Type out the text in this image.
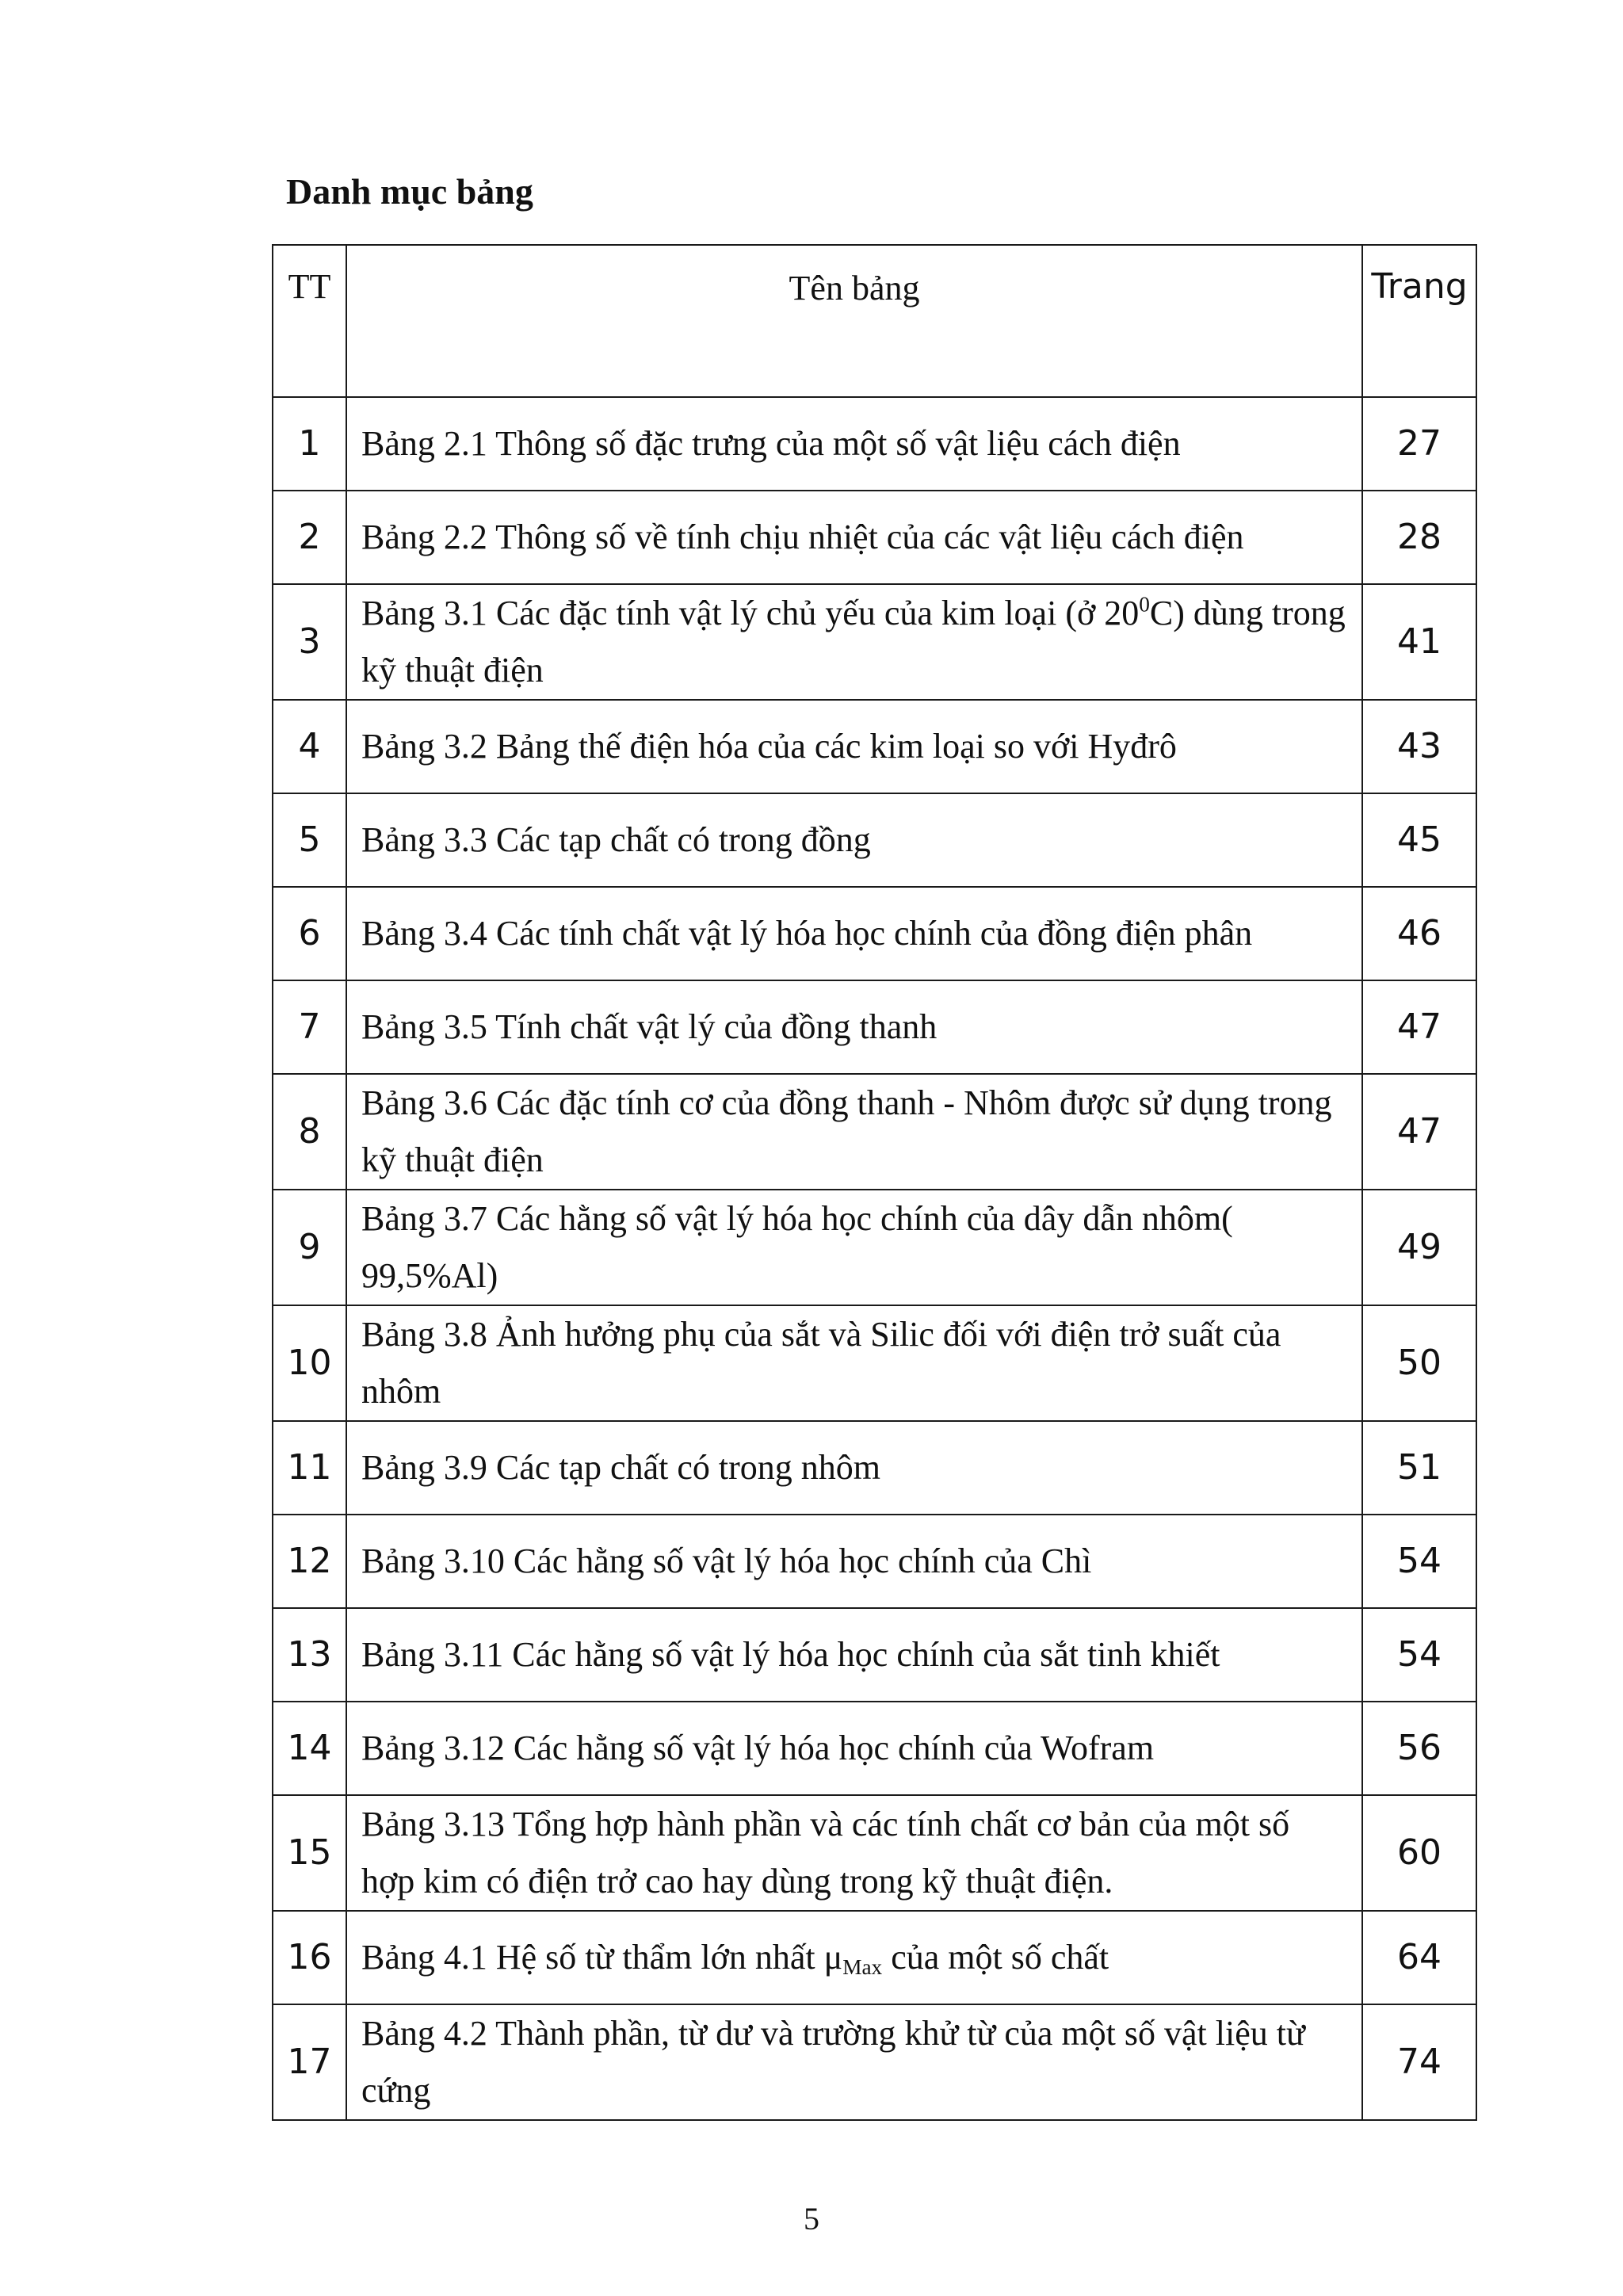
Danh mục bảng
TT	Tên bảng	Trang
1	Bảng 2.1 Thông số đặc trưng của một số vật liệu cách điện	27
2	Bảng 2.2 Thông số về tính chịu nhiệt của các vật liệu cách điện	28
3	Bảng 3.1 Các đặc tính vật lý chủ yếu của kim loại (ở $20^0C$) dùng trong kỹ thuật điện	41
4	Bảng 3.2 Bảng thế điện hóa của các kim loại so với Hyđrô	43
5	Bảng 3.3 Các tạp chất có trong đồng	45
6	Bảng 3.4 Các tính chất vật lý hóa học chính của đồng điện phân	46
7	Bảng 3.5 Tính chất vật lý của đồng thanh	47
8	Bảng 3.6 Các đặc tính cơ của đồng thanh - Nhôm được sử dụng trong kỹ thuật điện	47
9	Bảng 3.7 Các hằng số vật lý hóa học chính của dây dẫn nhôm( 99,5%Al)	49
10	Bảng 3.8 Ảnh hưởng phụ của sắt và Silic đối với điện trở suất của nhôm	50
11	Bảng 3.9 Các tạp chất có trong nhôm	51
12	Bảng 3.10 Các hằng số vật lý hóa học chính của Chì	54
13	Bảng 3.11 Các hằng số vật lý hóa học chính của sắt tinh khiết	54
14	Bảng 3.12 Các hằng số vật lý hóa học chính của Wofram	56
15	Bảng 3.13 Tổng hợp hành phần và các tính chất cơ bản của một số hợp kim có điện trở cao hay dùng trong kỹ thuật điện.	60
16	Bảng 4.1 Hệ số từ thẩm lớn nhất $\mu_{Max}$ của một số chất	64
17	Bảng 4.2 Thành phần, từ dư và trường khử từ của một số vật liệu từ cứng	74
5
